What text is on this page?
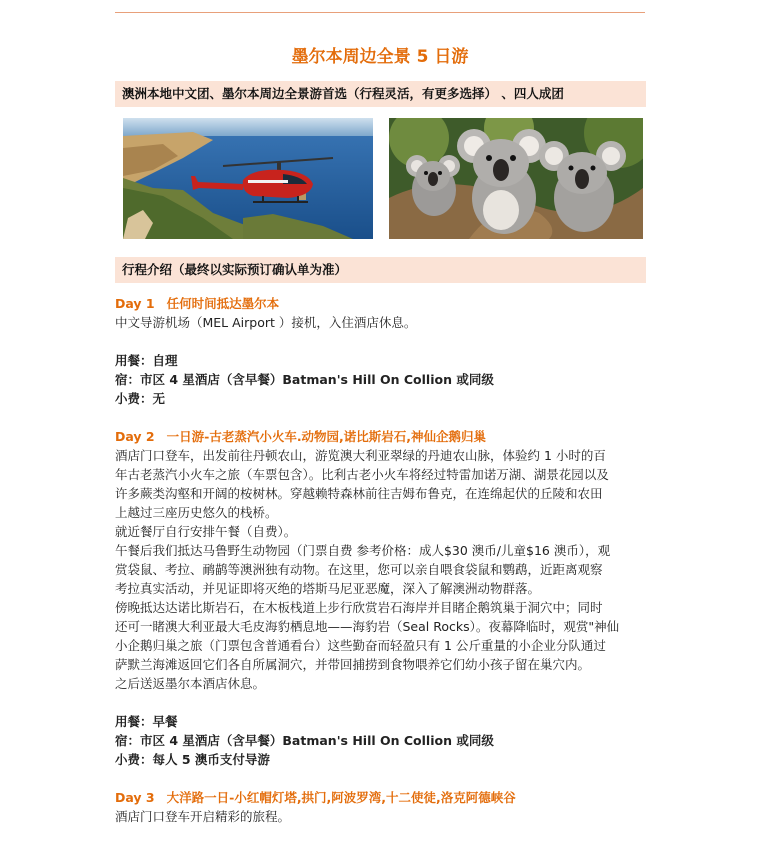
墨尔本周边全景 5 日游
澳洲本地中文团、墨尔本周边全景游首选（行程灵活，有更多选择） 、四人成团
行程介绍（最终以实际预订确认单为准）

Day 1 任何时间抵达墨尔本

中文导游机场（MEL Airport ）接机，入住酒店休息。

用餐：自理

宿：市区 4 星酒店（含早餐）Batman's Hill On Collion 或同级

小费：无

Day 2 一日游-古老蒸汽小火车.动物园,诺比斯岩石,神仙企鹅归巢

酒店门口登车，出发前往丹顿农山，游览澳大利亚翠绿的丹迪农山脉，体验约 1 小时的百

年古老蒸汽小火车之旅（车票包含）。比利古老小火车将经过特雷加诺万湖、湖景花园以及

许多蕨类沟壑和开阔的桉树林。穿越赖特森林前往吉姆布鲁克，在连绵起伏的丘陵和农田

上越过三座历史悠久的栈桥。

就近餐厅自行安排午餐（自费）。

午餐后我们抵达马鲁野生动物园（门票自费 参考价格：成人$30 澳币/儿童$16 澳币），观

赏袋鼠、考拉、鸸鹋等澳洲独有动物。在这里，您可以亲自喂食袋鼠和鹦鹉，近距离观察

考拉真实活动，并见证即将灭绝的塔斯马尼亚恶魔，深入了解澳洲动物群落。

傍晚抵达达诺比斯岩石，在木板栈道上步行欣赏岩石海岸并目睹企鹅筑巢于洞穴中；同时

还可一睹澳大利亚最大毛皮海豹栖息地——海豹岩（Seal Rocks）。夜幕降临时，观赏"神仙

小企鹅归巢之旅（门票包含普通看台）这些勤奋而轻盈只有 1 公斤重量的小企业分队通过

萨默兰海滩返回它们各自所属洞穴，并带回捕捞到食物喂养它们幼小孩子留在巢穴内。

之后送返墨尔本酒店休息。

用餐：早餐

宿：市区 4 星酒店（含早餐）Batman's Hill On Collion 或同级

小费：每人 5 澳币支付导游

Day 3 大洋路一日-小红帽灯塔,拱门,阿波罗湾,十二使徒,洛克阿德峡谷

酒店门口登车开启精彩的旅程。
